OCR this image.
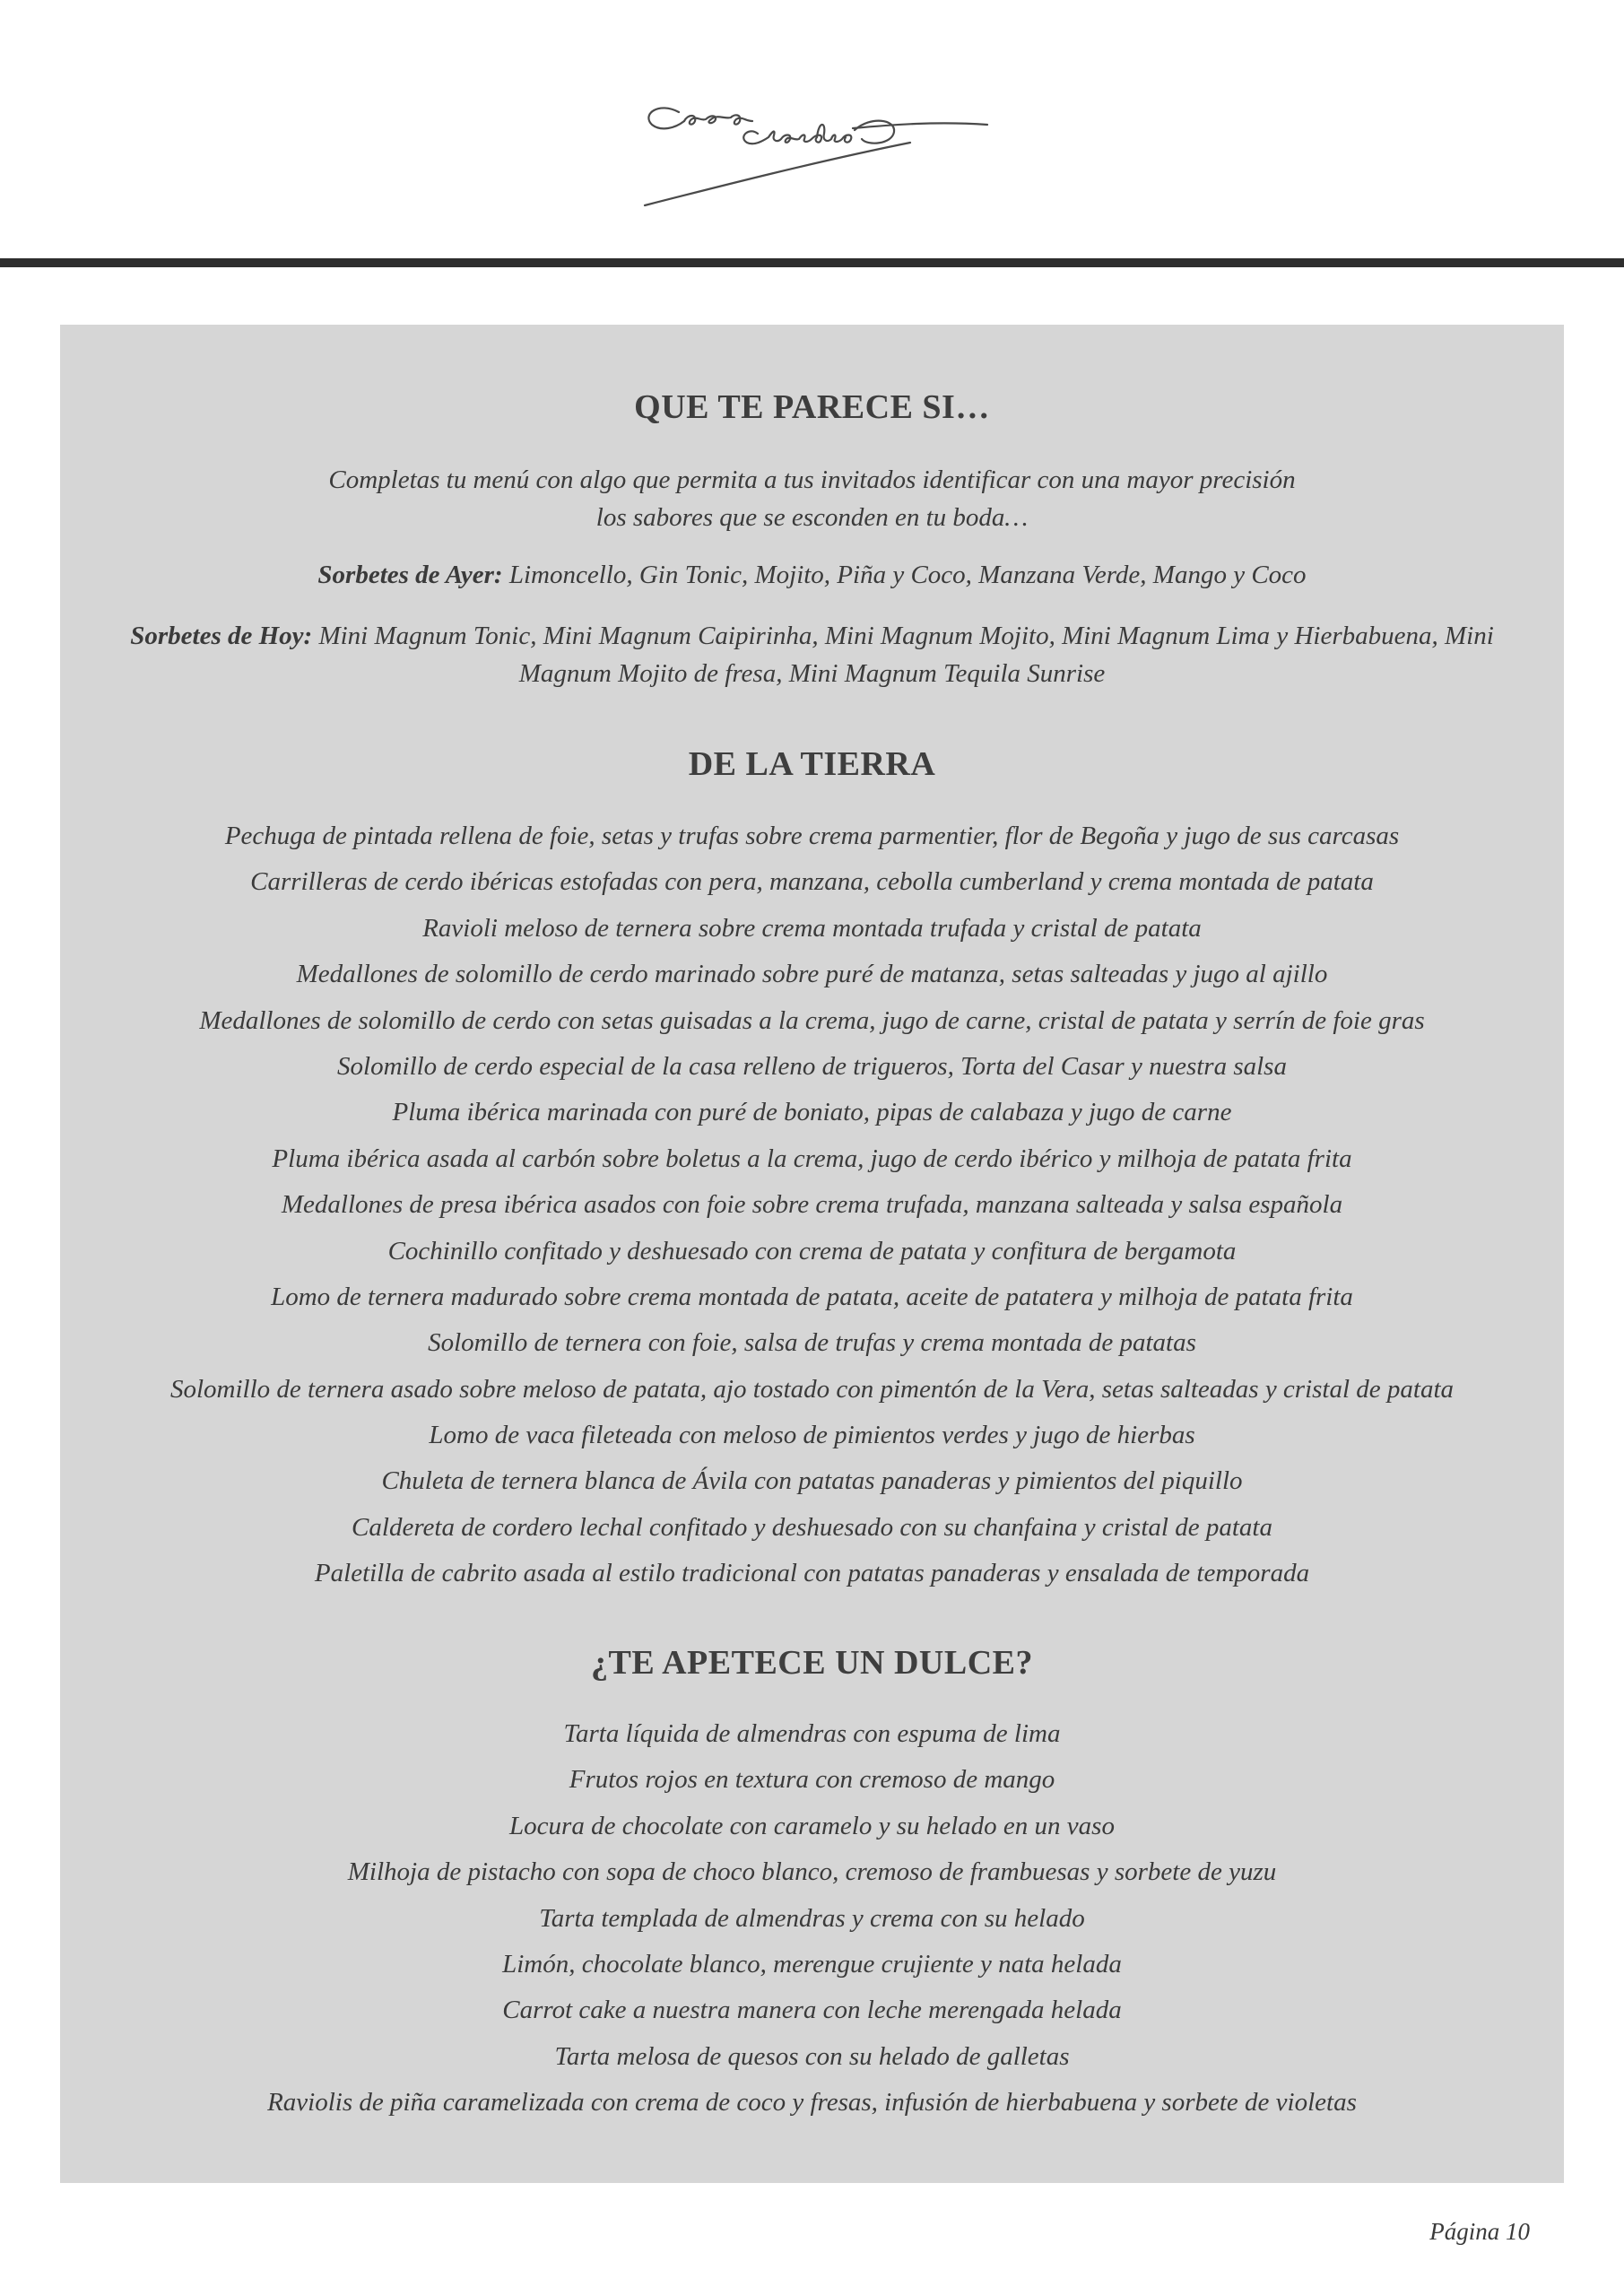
QUE TE PARECE SI…
Completas tu menú con algo que permita a tus invitados identificar con una mayor precisión
los sabores que se esconden en tu boda…
Sorbetes de Ayer: Limoncello, Gin Tonic, Mojito, Piña y Coco, Manzana Verde, Mango y Coco
Sorbetes de Hoy: Mini Magnum Tonic, Mini Magnum Caipirinha, Mini Magnum Mojito, Mini Magnum Lima y Hierbabuena, Mini Magnum Mojito de fresa, Mini Magnum Tequila Sunrise
DE LA TIERRA
Pechuga de pintada rellena de foie, setas y trufas sobre crema parmentier, flor de Begoña y jugo de sus carcasas
Carrilleras de cerdo ibéricas estofadas con pera, manzana, cebolla cumberland y crema montada de patata
Ravioli meloso de ternera sobre crema montada trufada y cristal de patata
Medallones de solomillo de cerdo marinado sobre puré de matanza, setas salteadas y jugo al ajillo
Medallones de solomillo de cerdo con setas guisadas a la crema, jugo de carne, cristal de patata y serrín de foie gras
Solomillo de cerdo especial de la casa relleno de trigueros, Torta del Casar y nuestra salsa
Pluma ibérica marinada con puré de boniato, pipas de calabaza y jugo de carne
Pluma ibérica asada al carbón sobre boletus a la crema, jugo de cerdo ibérico y milhoja de patata frita
Medallones de presa ibérica asados con foie sobre crema trufada, manzana salteada y salsa española
Cochinillo confitado y deshuesado con crema de patata y confitura de bergamota
Lomo de ternera madurado sobre crema montada de patata, aceite de patatera y milhoja de patata frita
Solomillo de ternera con foie, salsa de trufas y crema montada de patatas
Solomillo de ternera asado sobre meloso de patata, ajo tostado con pimentón de la Vera, setas salteadas y cristal de patata
Lomo de vaca fileteada con meloso de pimientos verdes y jugo de hierbas
Chuleta de ternera blanca de Ávila con patatas panaderas y pimientos del piquillo
Caldereta de cordero lechal confitado y deshuesado con su chanfaina y cristal de patata
Paletilla de cabrito asada al estilo tradicional con patatas panaderas y ensalada de temporada
¿TE APETECE UN DULCE?
Tarta líquida de almendras con espuma de lima
Frutos rojos en textura con cremoso de mango
Locura de chocolate con caramelo y su helado en un vaso
Milhoja de pistacho con sopa de choco blanco, cremoso de frambuesas y sorbete de yuzu
Tarta templada de almendras y crema con su helado
Limón, chocolate blanco, merengue crujiente y nata helada
Carrot cake a nuestra manera con leche merengada helada
Tarta melosa de quesos con su helado de galletas
Raviolis de piña caramelizada con crema de coco y fresas, infusión de hierbabuena y sorbete de violetas
Página 10
